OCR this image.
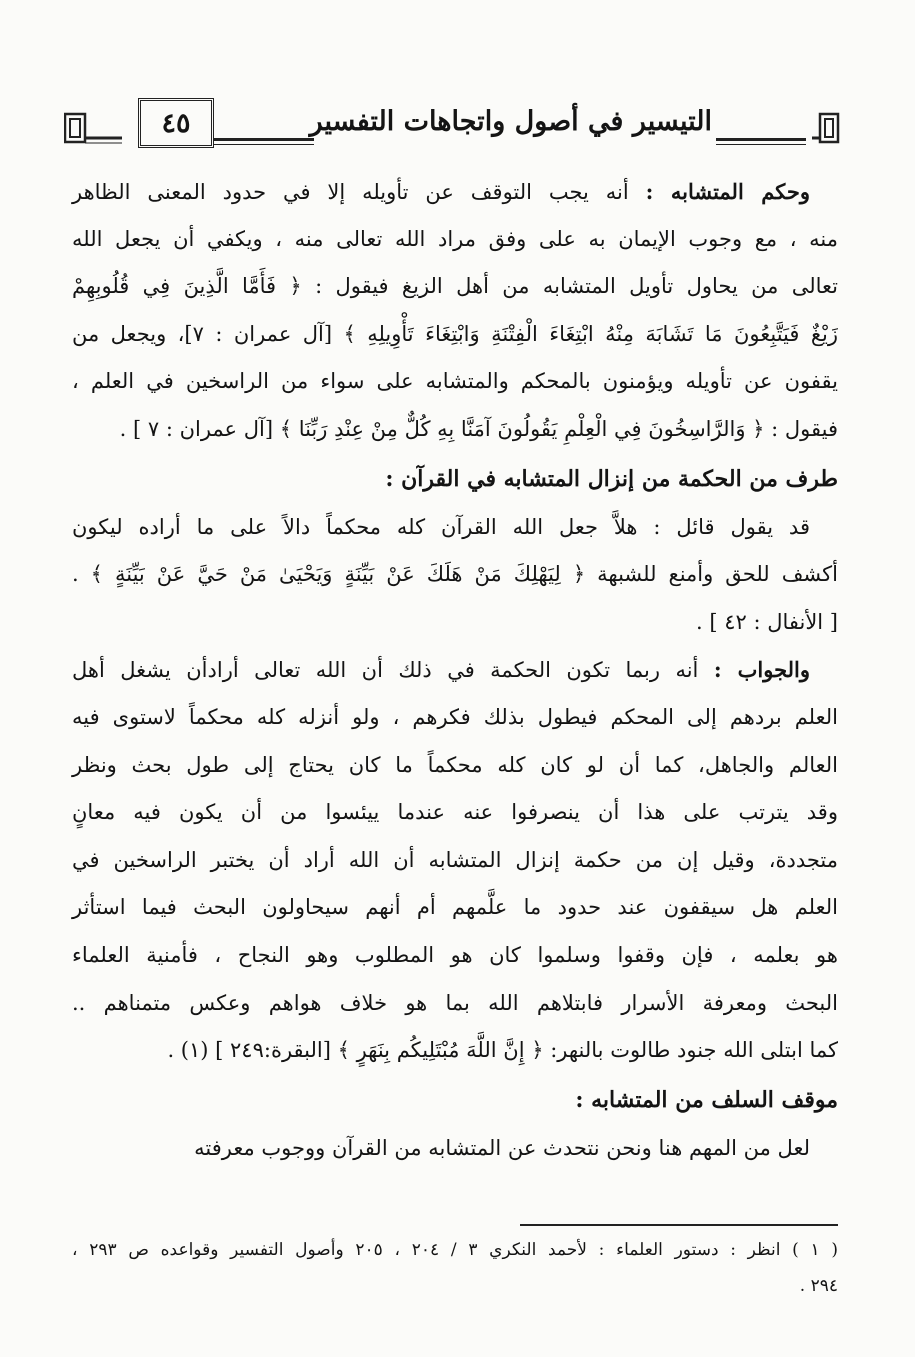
٤٥	التيسير في أصول واتجاهات التفسير
وحكم المتشابه : أنه يجب التوقف عن تأويله إلا في حدود المعنى الظاهر
منه ، مع وجوب الإيمان به على وفق مراد الله تعالى منه ، ويكفي أن يجعل الله
تعالى من يحاول تأويل المتشابه من أهل الزيغ فيقول : ﴿ فَأَمَّا الَّذِينَ فِي قُلُوبِهِمْ
زَيْغٌ فَيَتَّبِعُونَ مَا تَشَابَهَ مِنْهُ ابْتِغَاءَ الْفِتْنَةِ وَابْتِغَاءَ تَأْوِيلِهِ ﴾ [آل عمران : ٧]، ويجعل من
يقفون عن تأويله ويؤمنون بالمحكم والمتشابه على سواء من الراسخين في العلم ،
فيقول : ﴿ وَالرَّاسِخُونَ فِي الْعِلْمِ يَقُولُونَ آمَنَّا بِهِ كُلٌّ مِنْ عِنْدِ رَبِّنَا ﴾ [آل عمران : ٧ ] .
طرف من الحكمة من إنزال المتشابه في القرآن :
قد يقول قائل : هلاَّ جعل الله القرآن كله محكماً دالاً على ما أراده ليكون
أكشف للحق وأمنع للشبهة ﴿ لِيَهْلِكَ مَنْ هَلَكَ عَنْ بَيِّنَةٍ وَيَحْيَىٰ مَنْ حَيَّ عَنْ بَيِّنَةٍ ﴾ .
[ الأنفال : ٤٢ ] .
والجواب : أنه ربما تكون الحكمة في ذلك أن الله تعالى أرادأن يشغل أهل
العلم بردهم إلى المحكم فيطول بذلك فكرهم ، ولو أنزله كله محكماً لاستوى فيه
العالم والجاهل، كما أن لو كان كله محكماً ما كان يحتاج إلى طول بحث ونظر
وقد يترتب على هذا أن ينصرفوا عنه عندما ييئسوا من أن يكون فيه معانٍ
متجددة، وقيل إن من حكمة إنزال المتشابه أن الله أراد أن يختبر الراسخين في
العلم هل سيقفون عند حدود ما علَّمهم أم أنهم سيحاولون البحث فيما استأثر
هو بعلمه ، فإن وقفوا وسلموا كان هو المطلوب وهو النجاح ، فأمنية العلماء
البحث ومعرفة الأسرار فابتلاهم الله بما هو خلاف هواهم وعكس متمناهم ..
كما ابتلى الله جنود طالوت بالنهر: ﴿ إِنَّ اللَّهَ مُبْتَلِيكُم بِنَهَرٍ ﴾ [البقرة:٢٤٩ ] (١) .
موقف السلف من المتشابه :
لعل من المهم هنا ونحن نتحدث عن المتشابه من القرآن ووجوب معرفته
( ١ ) انظر : دستور العلماء : لأحمد النكري ٣ / ٢٠٤ ، ٢٠٥ وأصول التفسير وقواعده ص ٢٩٣ ،
٢٩٤ .
